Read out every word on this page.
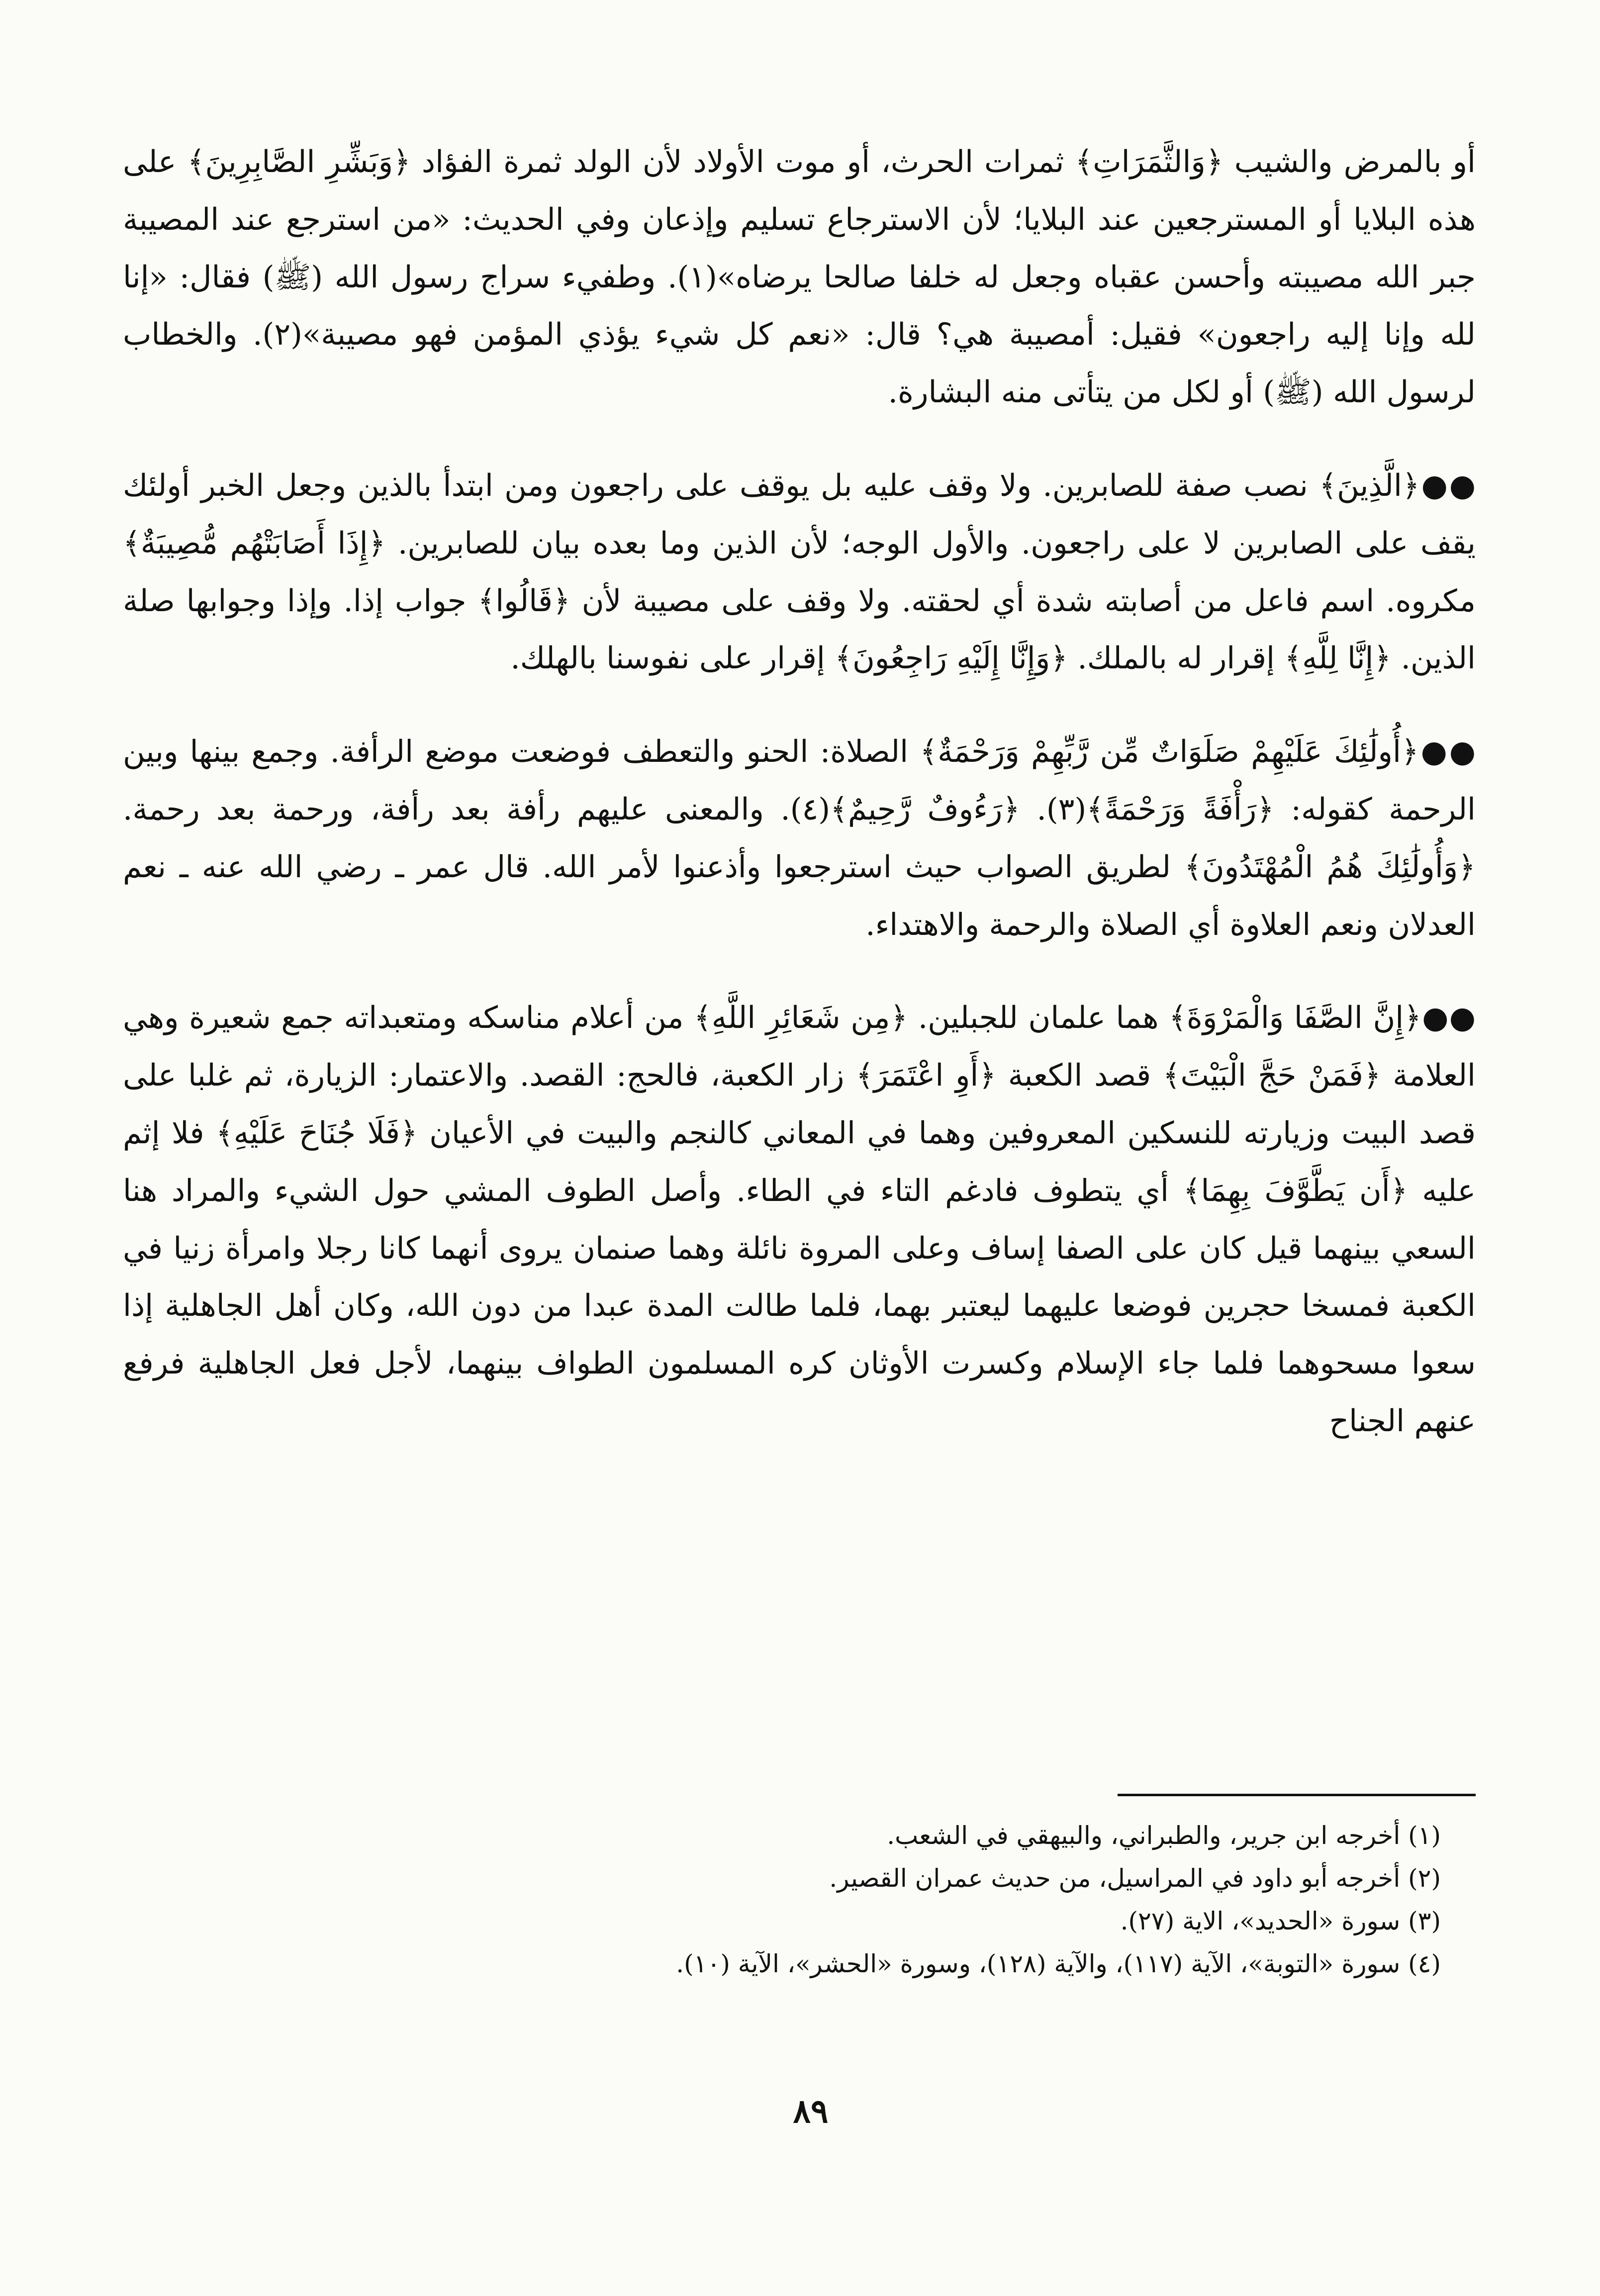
أو بالمرض والشيب ﴿وَالثَّمَرَاتِ﴾ ثمرات الحرث، أو موت الأولاد لأن الولد ثمرة الفؤاد ﴿وَبَشِّرِ الصَّابِرِينَ﴾ على هذه البلايا أو المسترجعين عند البلايا؛ لأن الاسترجاع تسليم وإذعان وفي الحديث: «من استرجع عند المصيبة جبر الله مصيبته وأحسن عقباه وجعل له خلفا صالحا يرضاه»(١). وطفيء سراج رسول الله (ﷺ) فقال: «إنا لله وإنا إليه راجعون» فقيل: أمصيبة هي؟ قال: «نعم كل شيء يؤذي المؤمن فهو مصيبة»(٢). والخطاب لرسول الله (ﷺ) أو لكل من يتأتى منه البشارة.

●●﴿الَّذِينَ﴾ نصب صفة للصابرين. ولا وقف عليه بل يوقف على راجعون ومن ابتدأ بالذين وجعل الخبر أولئك يقف على الصابرين لا على راجعون. والأول الوجه؛ لأن الذين وما بعده بيان للصابرين. ﴿إِذَا أَصَابَتْهُم مُّصِيبَةٌ﴾ مكروه. اسم فاعل من أصابته شدة أي لحقته. ولا وقف على مصيبة لأن ﴿قَالُوا﴾ جواب إذا. وإذا وجوابها صلة الذين. ﴿إِنَّا لِلَّهِ﴾ إقرار له بالملك. ﴿وَإِنَّا إِلَيْهِ رَاجِعُونَ﴾ إقرار على نفوسنا بالهلك.

●●﴿أُولَٰئِكَ عَلَيْهِمْ صَلَوَاتٌ مِّن رَّبِّهِمْ وَرَحْمَةٌ﴾ الصلاة: الحنو والتعطف فوضعت موضع الرأفة. وجمع بينها وبين الرحمة كقوله: ﴿رَأْفَةً وَرَحْمَةً﴾(٣). ﴿رَءُوفٌ رَّحِيمٌ﴾(٤). والمعنى عليهم رأفة بعد رأفة، ورحمة بعد رحمة. ﴿وَأُولَٰئِكَ هُمُ الْمُهْتَدُونَ﴾ لطريق الصواب حيث استرجعوا وأذعنوا لأمر الله. قال عمر ـ رضي الله عنه ـ نعم العدلان ونعم العلاوة أي الصلاة والرحمة والاهتداء.

●●﴿إِنَّ الصَّفَا وَالْمَرْوَةَ﴾ هما علمان للجبلين. ﴿مِن شَعَائِرِ اللَّهِ﴾ من أعلام مناسكه ومتعبداته جمع شعيرة وهي العلامة ﴿فَمَنْ حَجَّ الْبَيْتَ﴾ قصد الكعبة ﴿أَوِ اعْتَمَرَ﴾ زار الكعبة، فالحج: القصد. والاعتمار: الزيارة، ثم غلبا على قصد البيت وزيارته للنسكين المعروفين وهما في المعاني كالنجم والبيت في الأعيان ﴿فَلَا جُنَاحَ عَلَيْهِ﴾ فلا إثم عليه ﴿أَن يَطَّوَّفَ بِهِمَا﴾ أي يتطوف فادغم التاء في الطاء. وأصل الطوف المشي حول الشيء والمراد هنا السعي بينهما قيل كان على الصفا إساف وعلى المروة نائلة وهما صنمان يروى أنهما كانا رجلا وامرأة زنيا في الكعبة فمسخا حجرين فوضعا عليهما ليعتبر بهما، فلما طالت المدة عبدا من دون الله، وكان أهل الجاهلية إذا سعوا مسحوهما فلما جاء الإسلام وكسرت الأوثان كره المسلمون الطواف بينهما، لأجل فعل الجاهلية فرفع عنهم الجناح

(١) أخرجه ابن جرير، والطبراني، والبيهقي في الشعب.
(٢) أخرجه أبو داود في المراسيل، من حديث عمران القصير.
(٣) سورة «الحديد»، الاية (٢٧).
(٤) سورة «التوبة»، الآية (١١٧)، والآية (١٢٨)، وسورة «الحشر»، الآية (١٠).
٨٩
